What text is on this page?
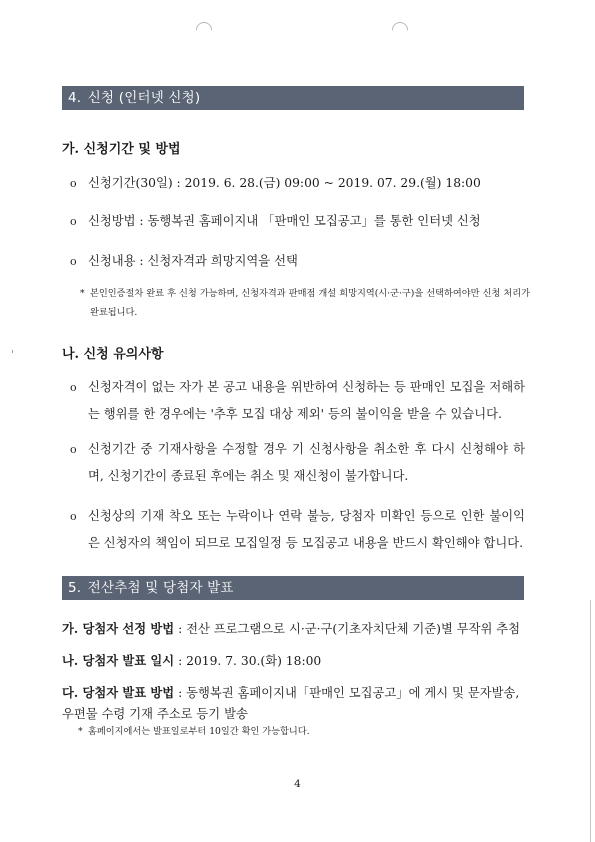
4. 신청 (인터넷 신청)
가. 신청기간 및 방법
o 신청기간(30일) : 2019. 6. 28.(금) 09:00 ~ 2019. 07. 29.(월) 18:00
o 신청방법 : 동행복권 홈페이지내 「판매인 모집공고」를 통한 인터넷 신청
o 신청내용 : 신청자격과 희망지역을 선택
* 본인인증절차 완료 후 신청 가능하며, 신청자격과 판매점 개설 희망지역(시·군·구)을 선택하여야만 신청 처리가 완료됩니다.
나. 신청 유의사항
o 신청자격이 없는 자가 본 공고 내용을 위반하여 신청하는 등 판매인 모집을 저해하는 행위를 한 경우에는 '추후 모집 대상 제외' 등의 불이익을 받을 수 있습니다.
o 신청기간 중 기재사항을 수정할 경우 기 신청사항을 취소한 후 다시 신청해야 하며, 신청기간이 종료된 후에는 취소 및 재신청이 불가합니다.
o 신청상의 기재 착오 또는 누락이나 연락 불능, 당첨자 미확인 등으로 인한 불이익은 신청자의 책임이 되므로 모집일정 등 모집공고 내용을 반드시 확인해야 합니다.
5. 전산추첨 및 당첨자 발표
가. 당첨자 선정 방법 : 전산 프로그램으로 시·군·구(기초자치단체 기준)별 무작위 추첨
나. 당첨자 발표 일시 : 2019. 7. 30.(화) 18:00
다. 당첨자 발표 방법 : 동행복권 홈페이지내「판매인 모집공고」에 게시 및 문자발송, 우편물 수령 기재 주소로 등기 발송
* 홈페이지에서는 발표일로부터 10일간 확인 가능합니다.
4
